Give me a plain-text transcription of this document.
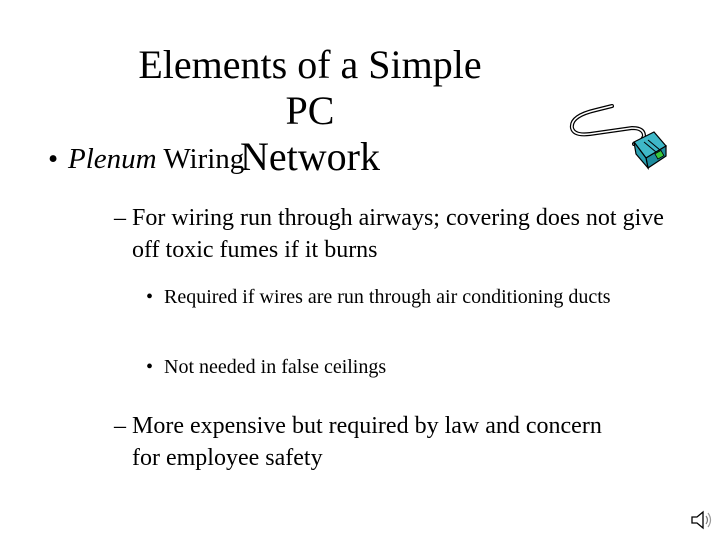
Elements of a Simple PC
Network
• Plenum Wiring
– For wiring run through airways; covering does not give off toxic fumes if it burns
• Required if wires are run through air conditioning ducts
• Not needed in false ceilings
– More expensive but required by law and concern for employee safety
